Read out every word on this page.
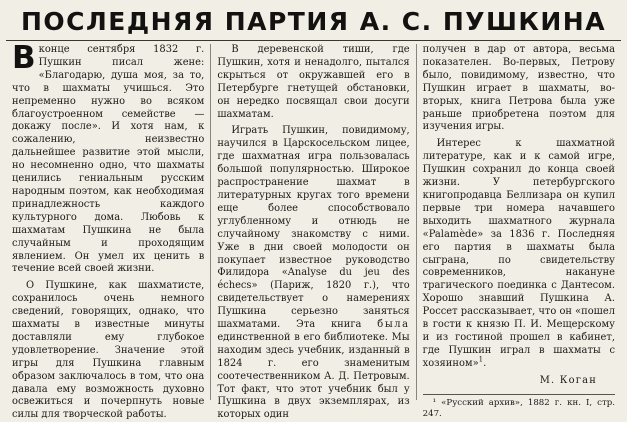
ПОСЛЕДНЯЯ ПАРТИЯ А. С. ПУШКИНА

Вконце сентября 1832 г. Пушкин писал жене: «Благодарю, душа моя, за то, что в шахматы учишься. Это непременно нужно во всяком благоустроенном семействе — докажу после». И хотя нам, к сожалению, неизвестно дальнейшее развитие этой мысли, но несомненно одно, что шахматы ценились гениальным русским народным поэтом, как необходимая принадлежность каждого культурного дома. Любовь к шахматам Пушкина не была случайным и проходящим явлением. Он умел их ценить в течение всей своей жизни.

О Пушкине, как шахматисте, сохранилось очень немного сведений, говорящих, однако, что шахматы в известные минуты доставляли ему глубокое удовлетворение. Значение этой игры для Пушкина главным образом заключалось в том, что она давала ему возможность духовно освежиться и почерпнуть новые силы для творческой работы.

В деревенской тиши, где Пушкин, хотя и ненадолго, пытался скрыться от окружавшей его в Петербурге гнетущей обстановки, он нередко посвящал свои досуги шахматам.

Играть Пушкин, повидимому, научился в Царскосельском лицее, где шахматная игра пользовалась большой популярностью. Широкое распространение шахмат в литературных кругах того времени еще более способствовало углубленному и отнюдь не случайному знакомству с ними. Уже в дни своей молодости он покупает известное руководство Филидора «Analyse du jeu des échecs» (Париж, 1820 г.), что свидетельствует о намерениях Пушкина серьезно заняться шахматами. Эта книга была единственной в его библиотеке. Мы находим здесь учебник, изданный в 1824 г. его знаменитым соотечественником А. Д. Петровым. Тот факт, что этот учебник был у Пушкина в двух экземплярах, из которых один

получен в дар от автора, весьма показателен. Во-первых, Петрову было, повидимому, известно, что Пушкин играет в шахматы, во-вторых, книга Петрова была уже раньше приобретена поэтом для изучения игры.

Интерес к шахматной литературе, как и к самой игре, Пушкин сохранил до конца своей жизни. У петербургского книгопродавца Беллизара он купил первые три номера начавшего выходить шахматного журнала «Palamède» за 1836 г. Последняя его партия в шахматы была сыграна, по свидетельству современников, накануне трагического поединка с Дантесом. Хорошо знавший Пушкина А. Россет рассказывает, что он «пошел в гости к князю П. И. Мещерскому и из гостиной прошел в кабинет, где Пушкин играл в шахматы с хозяином»$^1$.

М. Коган
¹ «Русский архив», 1882 г. кн. I, стр. 247.
